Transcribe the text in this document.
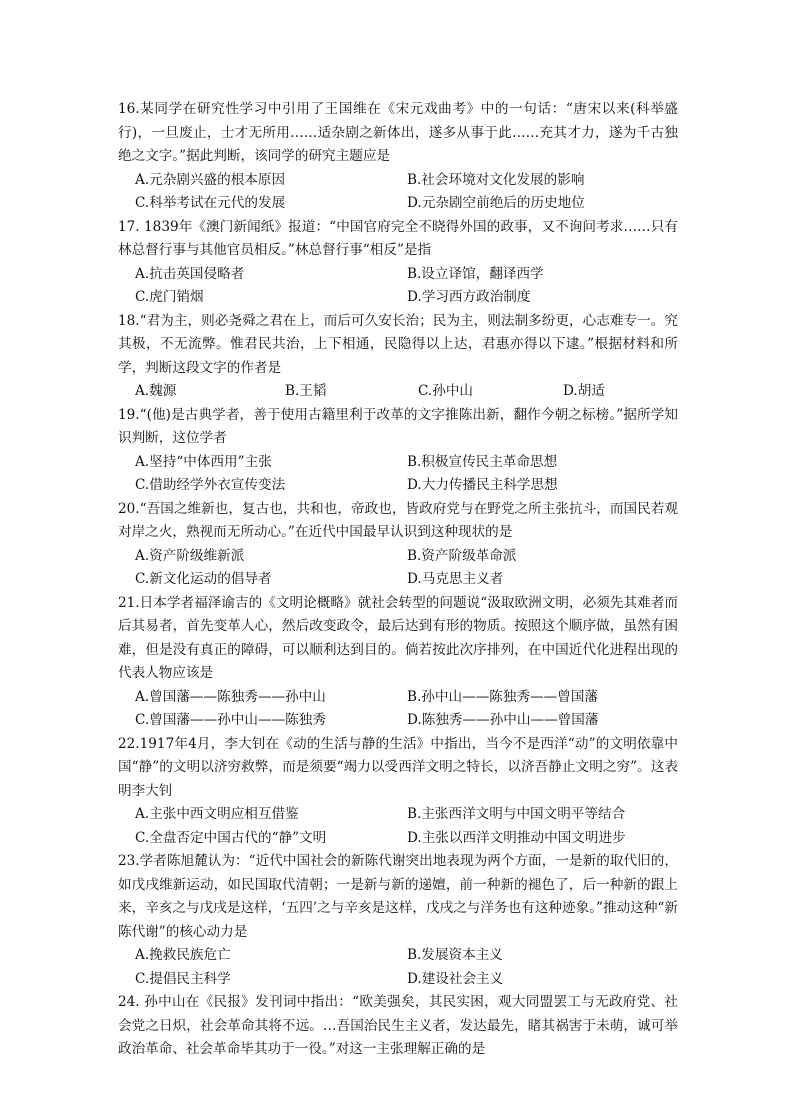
16.某同学在研究性学习中引用了王国维在《宋元戏曲考》中的一句话：“唐宋以来(科举盛行)，一旦废止，士才无所用……适杂剧之新体出，遂多从事于此……充其才力，遂为千古独绝之文字。”据此判断，该同学的研究主题应是
A.元杂剧兴盛的根本原因	B.社会环境对文化发展的影响
C.科举考试在元代的发展	D.元杂剧空前绝后的历史地位
17. 1839年《澳门新闻纸》报道：“中国官府完全不晓得外国的政事，又不询问考求……只有林总督行事与其他官员相反。”林总督行事“相反”是指
A.抗击英国侵略者	B.设立译馆，翻译西学
C.虎门销烟	D.学习西方政治制度
18.“君为主，则必尧舜之君在上，而后可久安长治；民为主，则法制多纷更，心志难专一。究其极，不无流弊。惟君民共治，上下相通，民隐得以上达，君惠亦得以下逮。”根据材料和所学，判断这段文字的作者是
A.魏源	B.王韬	C.孙中山	D.胡适
19.“(他)是古典学者，善于使用古籍里利于改革的文字推陈出新，翻作今朝之标榜。”据所学知识判断，这位学者
A.坚持“中体西用”主张	B.积极宣传民主革命思想
C.借助经学外衣宣传变法	D.大力传播民主科学思想
20.“吾国之维新也，复古也，共和也，帝政也，皆政府党与在野党之所主张抗斗，而国民若观对岸之火，熟视而无所动心。”在近代中国最早认识到这种现状的是
A.资产阶级维新派	B.资产阶级革命派
C.新文化运动的倡导者	D.马克思主义者
21.日本学者福泽谕吉的《文明论概略》就社会转型的问题说“汲取欧洲文明，必须先其难者而后其易者，首先变革人心，然后改变政令，最后达到有形的物质。按照这个顺序做，虽然有困难，但是没有真正的障碍，可以顺利达到目的。倘若按此次序排列，在中国近代化进程出现的代表人物应该是
A.曾国藩——陈独秀——孙中山	B.孙中山——陈独秀——曾国藩
C.曾国藩——孙中山——陈独秀	D.陈独秀——孙中山——曾国藩
22.1917年4月，李大钊在《动的生活与静的生活》中指出，当今不是西洋“动”的文明依靠中国“静”的文明以济穷救弊，而是须要“竭力以受西洋文明之特长，以济吾静止文明之穷”。这表明李大钊
A.主张中西文明应相互借鉴	B.主张西洋文明与中国文明平等结合
C.全盘否定中国古代的“静”文明	D.主张以西洋文明推动中国文明进步
23.学者陈旭麓认为：“近代中国社会的新陈代谢突出地表现为两个方面，一是新的取代旧的，如戊戌维新运动，如民国取代清朝；一是新与新的递嬗，前一种新的褪色了，后一种新的跟上来，辛亥之与戊戌是这样，‘五四’之与辛亥是这样，戊戌之与洋务也有这种迹象。”推动这种“新陈代谢”的核心动力是
A.挽救民族危亡	B.发展资本主义
C.提倡民主科学	D.建设社会主义
24. 孙中山在《民报》发刊词中指出：“欧美强矣，其民实困，观大同盟罢工与无政府党、社会党之日炽，社会革命其将不远。…吾国治民生主义者，发达最先，睹其祸害于未萌，诚可举政治革命、社会革命毕其功于一役。”对这一主张理解正确的是
